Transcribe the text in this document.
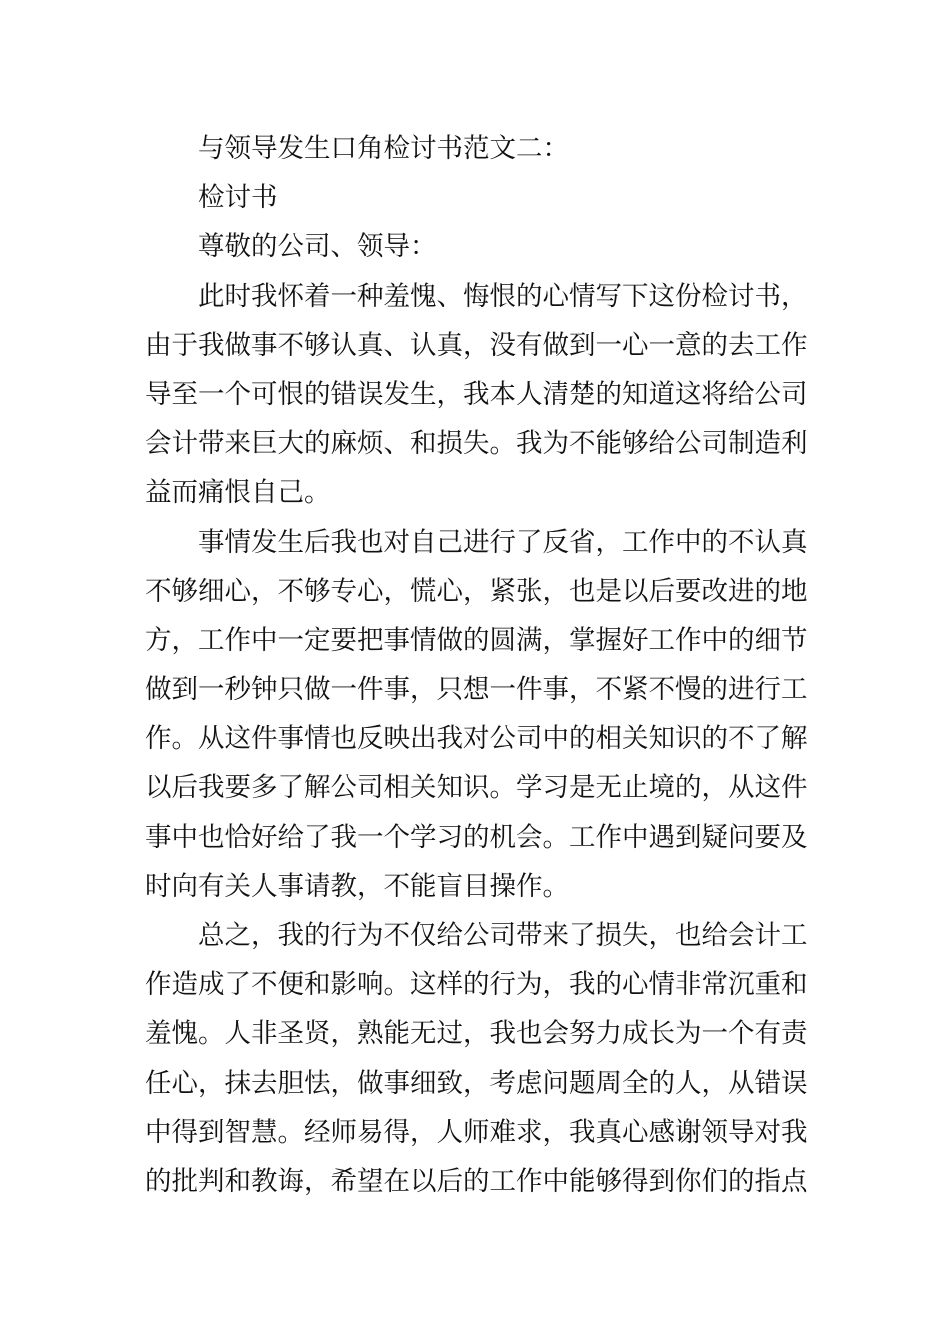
与领导发生口角检讨书范文二：
检讨书
尊敬的公司、领导：
此时我怀着一种羞愧、悔恨的心情写下这份检讨书，
由于我做事不够认真、认真，没有做到一心一意的去工作
导至一个可恨的错误发生，我本人清楚的知道这将给公司
会计带来巨大的麻烦、和损失。我为不能够给公司制造利
益而痛恨自己。
事情发生后我也对自己进行了反省，工作中的不认真
不够细心，不够专心，慌心，紧张，也是以后要改进的地
方，工作中一定要把事情做的圆满，掌握好工作中的细节
做到一秒钟只做一件事，只想一件事，不紧不慢的进行工
作。从这件事情也反映出我对公司中的相关知识的不了解
以后我要多了解公司相关知识。学习是无止境的，从这件
事中也恰好给了我一个学习的机会。工作中遇到疑问要及
时向有关人事请教，不能盲目操作。
总之，我的行为不仅给公司带来了损失，也给会计工
作造成了不便和影响。这样的行为，我的心情非常沉重和
羞愧。人非圣贤，熟能无过，我也会努力成长为一个有责
任心，抹去胆怯，做事细致，考虑问题周全的人，从错误
中得到智慧。经师易得，人师难求，我真心感谢领导对我
的批判和教诲，希望在以后的工作中能够得到你们的指点
